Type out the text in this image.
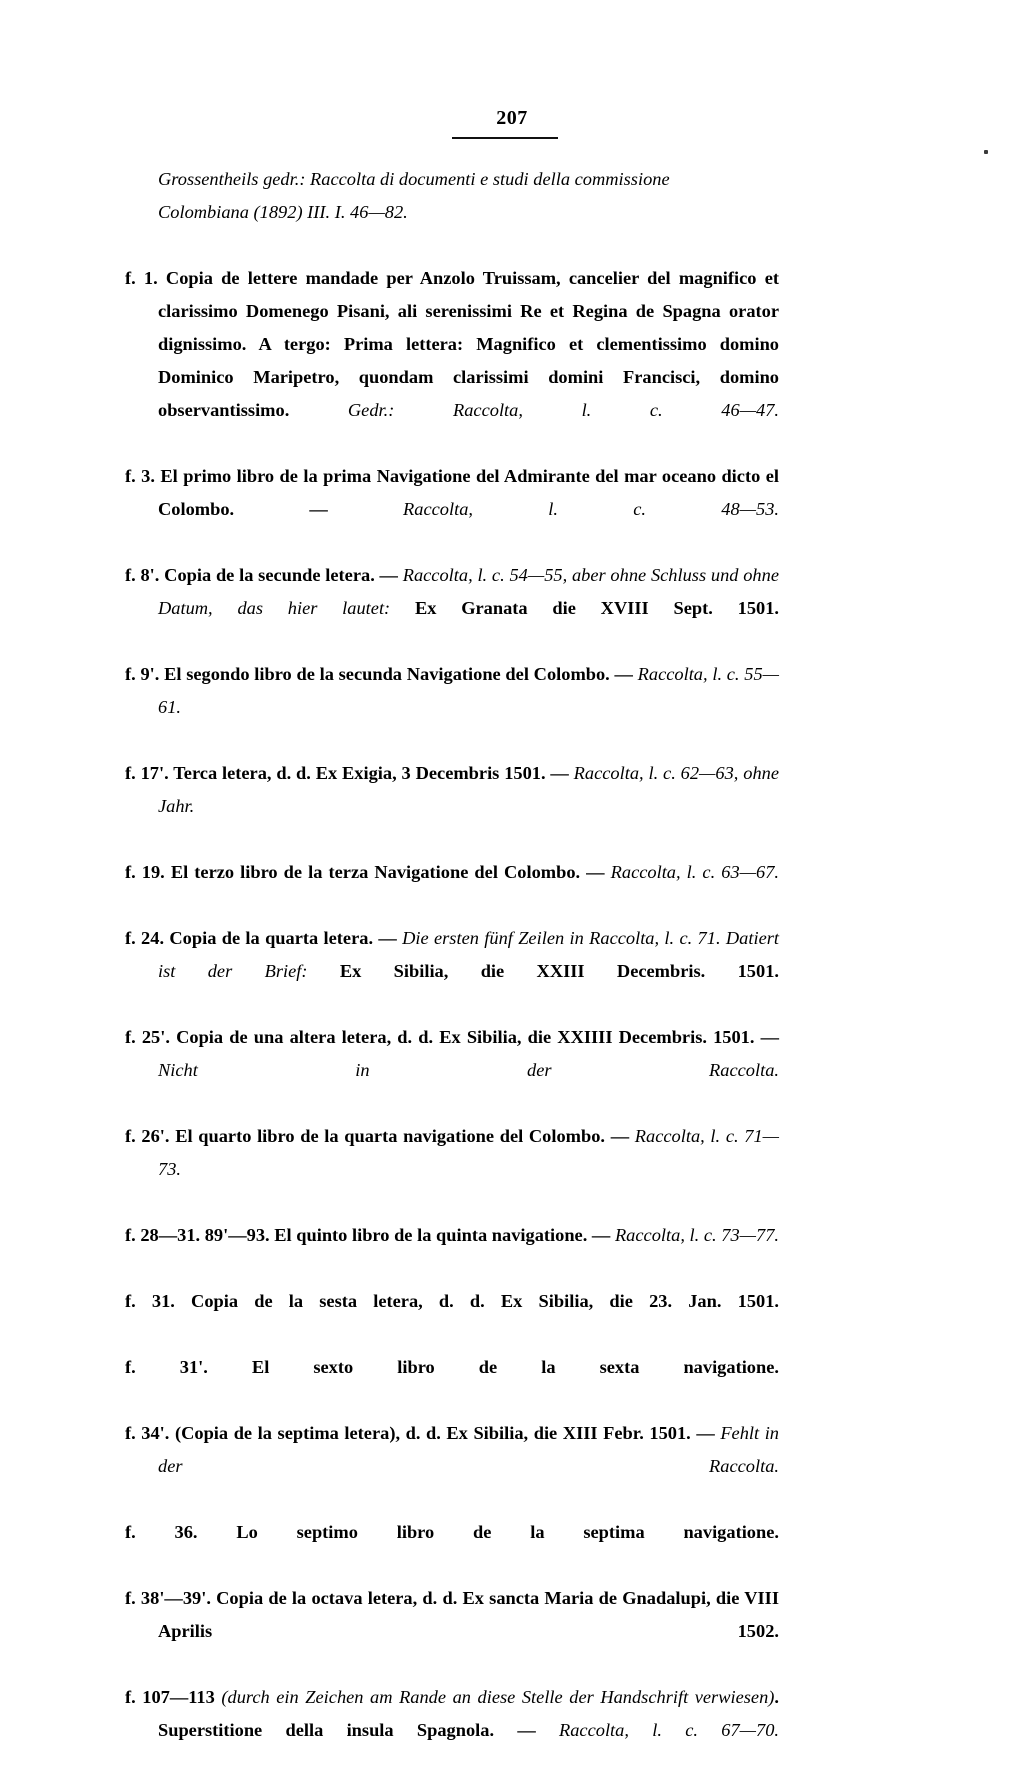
207

Grossentheils gedr.: Raccolta di documenti e studi della commissione
Colombiana (1892) III. I. 46—82.

f. 1. Copia de lettere mandade per Anzolo Truissam, cancelier del magnifico et clarissimo Domenego Pisani, ali serenissimi Re et Regina de Spagna orator dignissimo. A tergo: Prima lettera: Magnifico et clementissimo domino Dominico Maripetro, quondam clarissimi domini Francisci, domino observantissimo. Gedr.: Raccolta, l. c. 46—47.

f. 3. El primo libro de la prima Navigatione del Admirante del mar oceano dicto el Colombo. — Raccolta, l. c. 48—53.

f. 8'. Copia de la secunde letera. — Raccolta, l. c. 54—55, aber ohne Schluss und ohne Datum, das hier lautet: Ex Granata die XVIII Sept. 1501.

f. 9'. El segondo libro de la secunda Navigatione del Colombo. — Raccolta, l. c. 55—61.

f. 17'. Terca letera, d. d. Ex Exigia, 3 Decembris 1501. — Raccolta, l. c. 62—63, ohne Jahr.

f. 19. El terzo libro de la terza Navigatione del Colombo. — Raccolta, l. c. 63—67.

f. 24. Copia de la quarta letera. — Die ersten fünf Zeilen in Raccolta, l. c. 71. Datiert ist der Brief: Ex Sibilia, die XXIII Decembris. 1501.

f. 25'. Copia de una altera letera, d. d. Ex Sibilia, die XXIIII Decembris. 1501. — Nicht in der Raccolta.

f. 26'. El quarto libro de la quarta navigatione del Colombo. — Raccolta, l. c. 71—73.

f. 28—31. 89'—93. El quinto libro de la quinta navigatione. — Raccolta, l. c. 73—77.

f. 31. Copia de la sesta letera, d. d. Ex Sibilia, die 23. Jan. 1501.

f. 31'. El sexto libro de la sexta navigatione.

f. 34'. (Copia de la septima letera), d. d. Ex Sibilia, die XIII Febr. 1501. — Fehlt in der Raccolta.

f. 36. Lo septimo libro de la septima navigatione.

f. 38'—39'. Copia de la octava letera, d. d. Ex sancta Maria de Gnadalupi, die VIII Aprilis 1502.

f. 107—113 (durch ein Zeichen am Rande an diese Stelle der Handschrift verwiesen). Superstitione della insula Spagnola. — Raccolta, l. c. 67—70.
